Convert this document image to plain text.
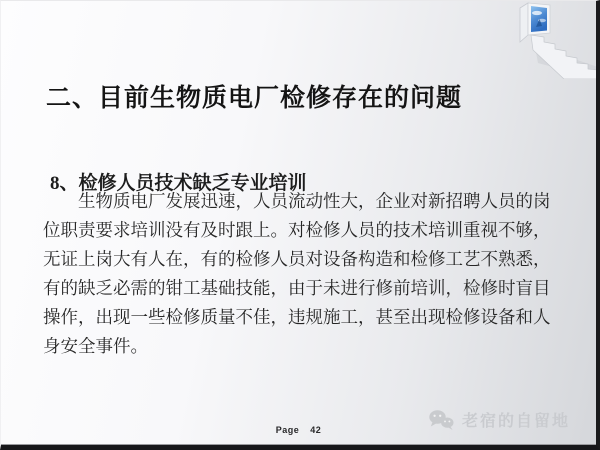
二、目前生物质电厂检修存在的问题
8、检修人员技术缺乏专业培训
生物质电厂发展迅速，人员流动性大，企业对新招聘人员的岗
位职责要求培训没有及时跟上。对检修人员的技术培训重视不够，
无证上岗大有人在，有的检修人员对设备构造和检修工艺不熟悉，
有的缺乏必需的钳工基础技能，由于未进行修前培训，检修时盲目
操作，出现一些检修质量不佳，违规施工，甚至出现检修设备和人
身安全事件。
Page 42	老宿的自留地
